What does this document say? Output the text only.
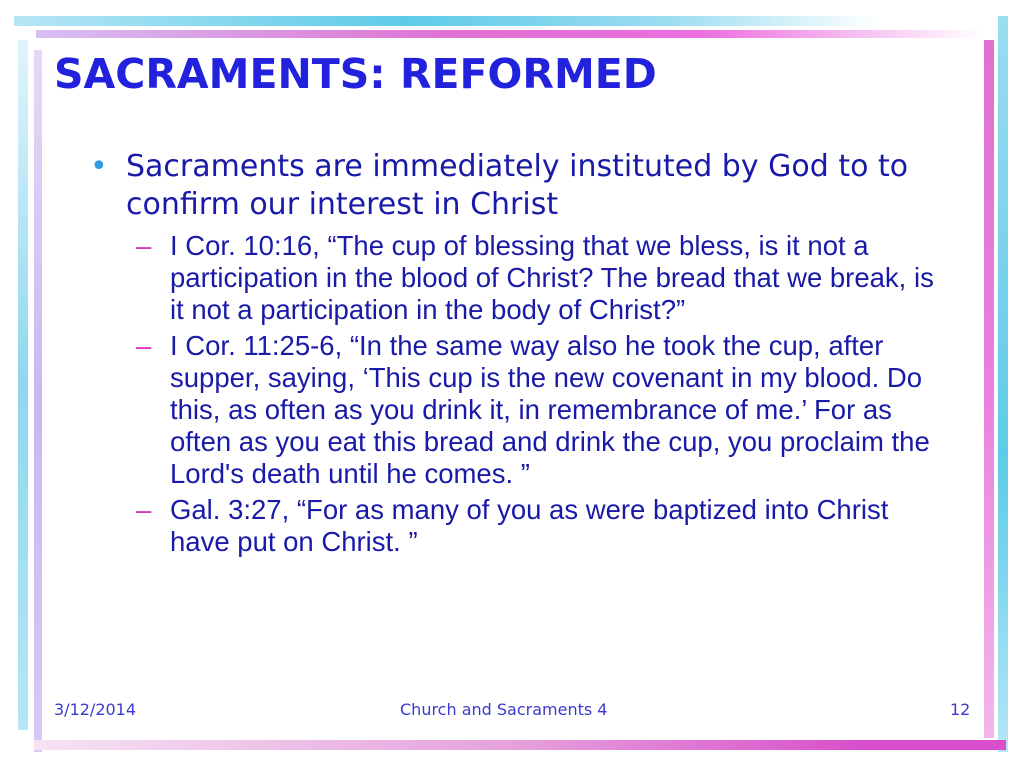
SACRAMENTS: REFORMED
• Sacraments are immediately instituted by God to to confirm our interest in Christ
– I Cor. 10:16, “The cup of blessing that we bless, is it not a participation in the blood of Christ? The bread that we break, is it not a participation in the body of Christ?”
– I Cor. 11:25-6, “In the same way also he took the cup, after supper, saying, ‘This cup is the new covenant in my blood. Do this, as often as you drink it, in remembrance of me.’ For as often as you eat this bread and drink the cup, you proclaim the Lord's death until he comes. ”
– Gal. 3:27, “For as many of you as were baptized into Christ have put on Christ. ”
3/12/2014	Church and Sacraments 4	12
